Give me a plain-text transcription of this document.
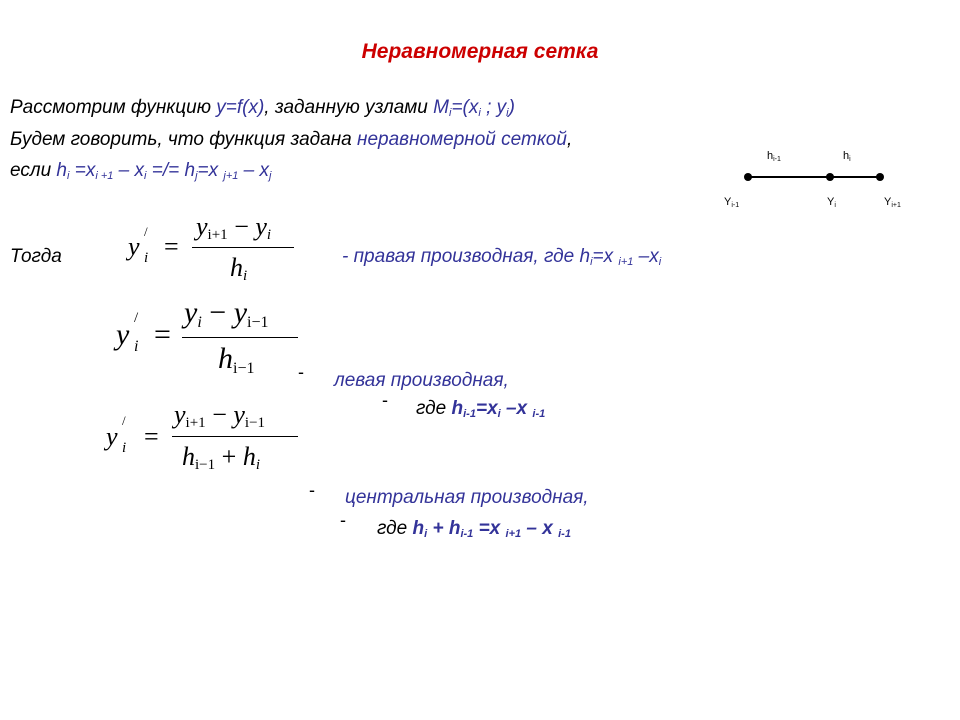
Неравномерная сетка
Рассмотрим функцию y=f(x), заданную узлами $M_i=(x_i$ ; $y_i$)
Будем говорить, что функция задана неравномерной сеткой,
если $h_i =x_{i +1} - x_i$ =/= $h_j=x$ $_{j+1} - x_j$
$h_{i-1}$	$h_i$
$Y_{i-1}$	$Y_i$	$Y_{i+1}$
Тогда	y
/
i =
yi+1 − yi
hi
- правая производная, где $h_i=x$ $_{i+1}$ $-x_i$
y /
i =
yi − yi−1
hi−1 - левая производная,
- где $h_{i-1}=x_i$ –x $_{i-1}$
y
/
i =
yi+1 − yi−1
hi−1 + hi
- центральная производная,
- где $h_i + h_{i-1} =x$ $_{i+1}$ – x $_{i-1}$
